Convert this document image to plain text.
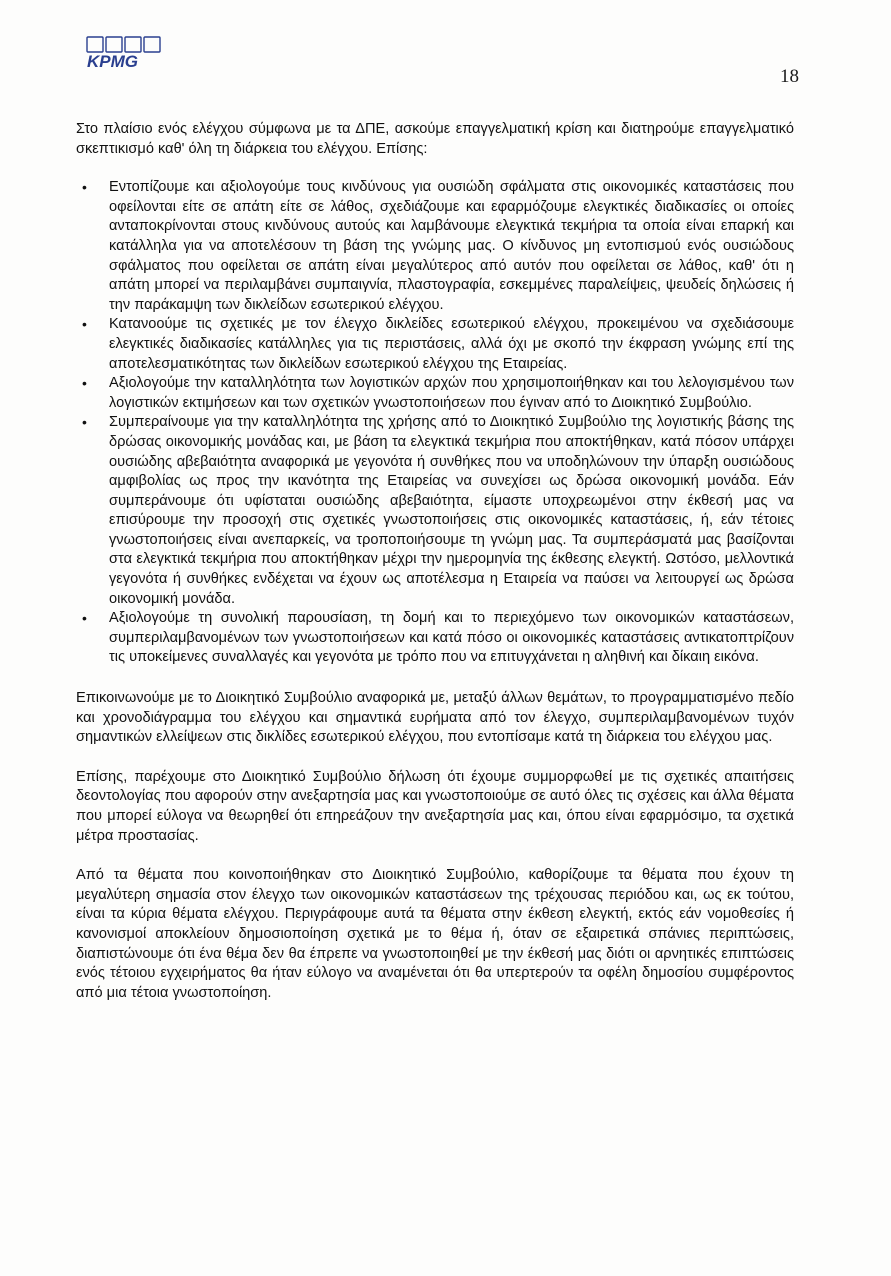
KPMG
18

Στο πλαίσιο ενός ελέγχου σύμφωνα με τα ΔΠΕ, ασκούμε επαγγελματική κρίση και διατηρούμε επαγγελματικό σκεπτικισμό καθ' όλη τη διάρκεια του ελέγχου. Επίσης:

• Εντοπίζουμε και αξιολογούμε τους κινδύνους για ουσιώδη σφάλματα στις οικονομικές καταστάσεις που οφείλονται είτε σε απάτη είτε σε λάθος, σχεδιάζουμε και εφαρμόζουμε ελεγκτικές διαδικασίες οι οποίες ανταποκρίνονται στους κινδύνους αυτούς και λαμβάνουμε ελεγκτικά τεκμήρια τα οποία είναι επαρκή και κατάλληλα για να αποτελέσουν τη βάση της γνώμης μας. Ο κίνδυνος μη εντοπισμού ενός ουσιώδους σφάλματος που οφείλεται σε απάτη είναι μεγαλύτερος από αυτόν που οφείλεται σε λάθος, καθ' ότι η απάτη μπορεί να περιλαμβάνει συμπαιγνία, πλαστογραφία, εσκεμμένες παραλείψεις, ψευδείς δηλώσεις ή την παράκαμψη των δικλείδων εσωτερικού ελέγχου.
• Κατανοούμε τις σχετικές με τον έλεγχο δικλείδες εσωτερικού ελέγχου, προκειμένου να σχεδιάσουμε ελεγκτικές διαδικασίες κατάλληλες για τις περιστάσεις, αλλά όχι με σκοπό την έκφραση γνώμης επί της αποτελεσματικότητας των δικλείδων εσωτερικού ελέγχου της Εταιρείας.
• Αξιολογούμε την καταλληλότητα των λογιστικών αρχών που χρησιμοποιήθηκαν και του λελογισμένου των λογιστικών εκτιμήσεων και των σχετικών γνωστοποιήσεων που έγιναν από το Διοικητικό Συμβούλιο.
• Συμπεραίνουμε για την καταλληλότητα της χρήσης από το Διοικητικό Συμβούλιο της λογιστικής βάσης της δρώσας οικονομικής μονάδας και, με βάση τα ελεγκτικά τεκμήρια που αποκτήθηκαν, κατά πόσον υπάρχει ουσιώδης αβεβαιότητα αναφορικά με γεγονότα ή συνθήκες που να υποδηλώνουν την ύπαρξη ουσιώδους αμφιβολίας ως προς την ικανότητα της Εταιρείας να συνεχίσει ως δρώσα οικονομική μονάδα. Εάν συμπεράνουμε ότι υφίσταται ουσιώδης αβεβαιότητα, είμαστε υποχρεωμένοι στην έκθεσή μας να επισύρουμε την προσοχή στις σχετικές γνωστοποιήσεις στις οικονομικές καταστάσεις, ή, εάν τέτοιες γνωστοποιήσεις είναι ανεπαρκείς, να τροποποιήσουμε τη γνώμη μας. Τα συμπεράσματά μας βασίζονται στα ελεγκτικά τεκμήρια που αποκτήθηκαν μέχρι την ημερομηνία της έκθεσης ελεγκτή. Ωστόσο, μελλοντικά γεγονότα ή συνθήκες ενδέχεται να έχουν ως αποτέλεσμα η Εταιρεία να παύσει να λειτουργεί ως δρώσα οικονομική μονάδα.
• Αξιολογούμε τη συνολική παρουσίαση, τη δομή και το περιεχόμενο των οικονομικών καταστάσεων, συμπεριλαμβανομένων των γνωστοποιήσεων και κατά πόσο οι οικονομικές καταστάσεις αντικατοπτρίζουν τις υποκείμενες συναλλαγές και γεγονότα με τρόπο που να επιτυγχάνεται η αληθινή και δίκαιη εικόνα.

Επικοινωνούμε με το Διοικητικό Συμβούλιο αναφορικά με, μεταξύ άλλων θεμάτων, το προγραμματισμένο πεδίο και χρονοδιάγραμμα του ελέγχου και σημαντικά ευρήματα από τον έλεγχο, συμπεριλαμβανομένων τυχόν σημαντικών ελλείψεων στις δικλίδες εσωτερικού ελέγχου, που εντοπίσαμε κατά τη διάρκεια του ελέγχου μας.

Επίσης, παρέχουμε στο Διοικητικό Συμβούλιο δήλωση ότι έχουμε συμμορφωθεί με τις σχετικές απαιτήσεις δεοντολογίας που αφορούν στην ανεξαρτησία μας και γνωστοποιούμε σε αυτό όλες τις σχέσεις και άλλα θέματα που μπορεί εύλογα να θεωρηθεί ότι επηρεάζουν την ανεξαρτησία μας και, όπου είναι εφαρμόσιμο, τα σχετικά μέτρα προστασίας.

Από τα θέματα που κοινοποιήθηκαν στο Διοικητικό Συμβούλιο, καθορίζουμε τα θέματα που έχουν τη μεγαλύτερη σημασία στον έλεγχο των οικονομικών καταστάσεων της τρέχουσας περιόδου και, ως εκ τούτου, είναι τα κύρια θέματα ελέγχου. Περιγράφουμε αυτά τα θέματα στην έκθεση ελεγκτή, εκτός εάν νομοθεσίες ή κανονισμοί αποκλείουν δημοσιοποίηση σχετικά με το θέμα ή, όταν σε εξαιρετικά σπάνιες περιπτώσεις, διαπιστώνουμε ότι ένα θέμα δεν θα έπρεπε να γνωστοποιηθεί με την έκθεσή μας διότι οι αρνητικές επιπτώσεις ενός τέτοιου εγχειρήματος θα ήταν εύλογο να αναμένεται ότι θα υπερτερούν τα οφέλη δημοσίου συμφέροντος από μια τέτοια γνωστοποίηση.
